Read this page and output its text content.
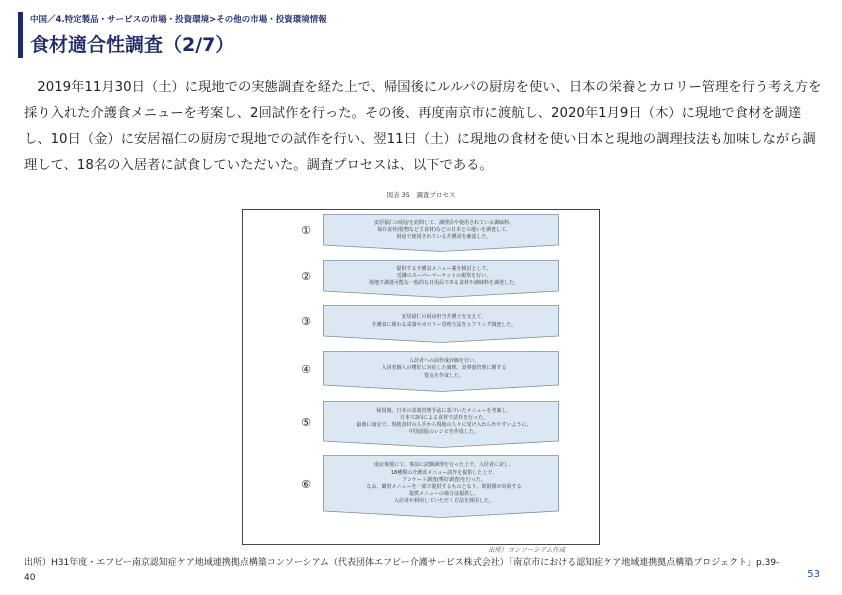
中国／4.特定製品・サービスの市場・投資環境>その他の市場・投資環境情報
食材適合性調査（2/7）

2019年11月30日（土）に現地での実態調査を経た上で、帰国後にルルパの厨房を使い、日本の栄養とカロリー管理を行う考え方を採り入れた介護食メニューを考案し、2回試作を行った。その後、再度南京市に渡航し、2020年1月9日（木）に現地で食材を調達し、10日（金）に安居福仁の厨房で現地での試作を行い、翌11日（土）に現地の食材を使い日本と現地の調理技法も加味しながら調理して、18名の入居者に試食していただいた。調査プロセスは、以下である。

図表 35　調査プロセス
①
安居福仁の厨房を訪問して、調理員や使用されている調味料、
保存食材(乾物など主食材)などの日本との違いを調査して、
厨房で使用されている介護食を確認した。
②
提供する介護食メニュー案を検討として、
近隣のスーパーマーケットの視察を行い、
現地で調達可能な一般的な日用品である食材や調味料を調達した。
③	安居福仁の厨房担当介護士を交えて、
介護食に係わる栄養やカロリー管理方法をヒアリング調査した。
④
入居者への前作成評価を行い、
入居者個人の嗜好に対応した調理、食事量管理に関する
要点を作成した。
⑤
帰国後、日本の栄養管理手法に基づいたメニューを考案し、
日本で2回による食材で試作を行った。
最後に南京で、現地食材の入手から現地の人々に受け入れられやすいように、
中国語版のレシピを作成した。
⑥
南京現地にて、事前に試験調理を行った上で、入居者に対し、
18種類の介護食メニュー試作を提供した上で、
アンケート調査(嗜好調査)を行った。
なお、観察メニューを一部で提供するものとなり、既婚関が出荷する
提供メニューの場合は提供し、
入居者が利用していただく方法を採用した。
出所）コンソーシアム作成
出所）H31年度・エフビー南京認知症ケア地域連携拠点構築コンソーシアム（代表団体エフビー介護サービス株式会社）「南京市における認知症ケア地域連携拠点構築プロジェクト」p.39-40	53
